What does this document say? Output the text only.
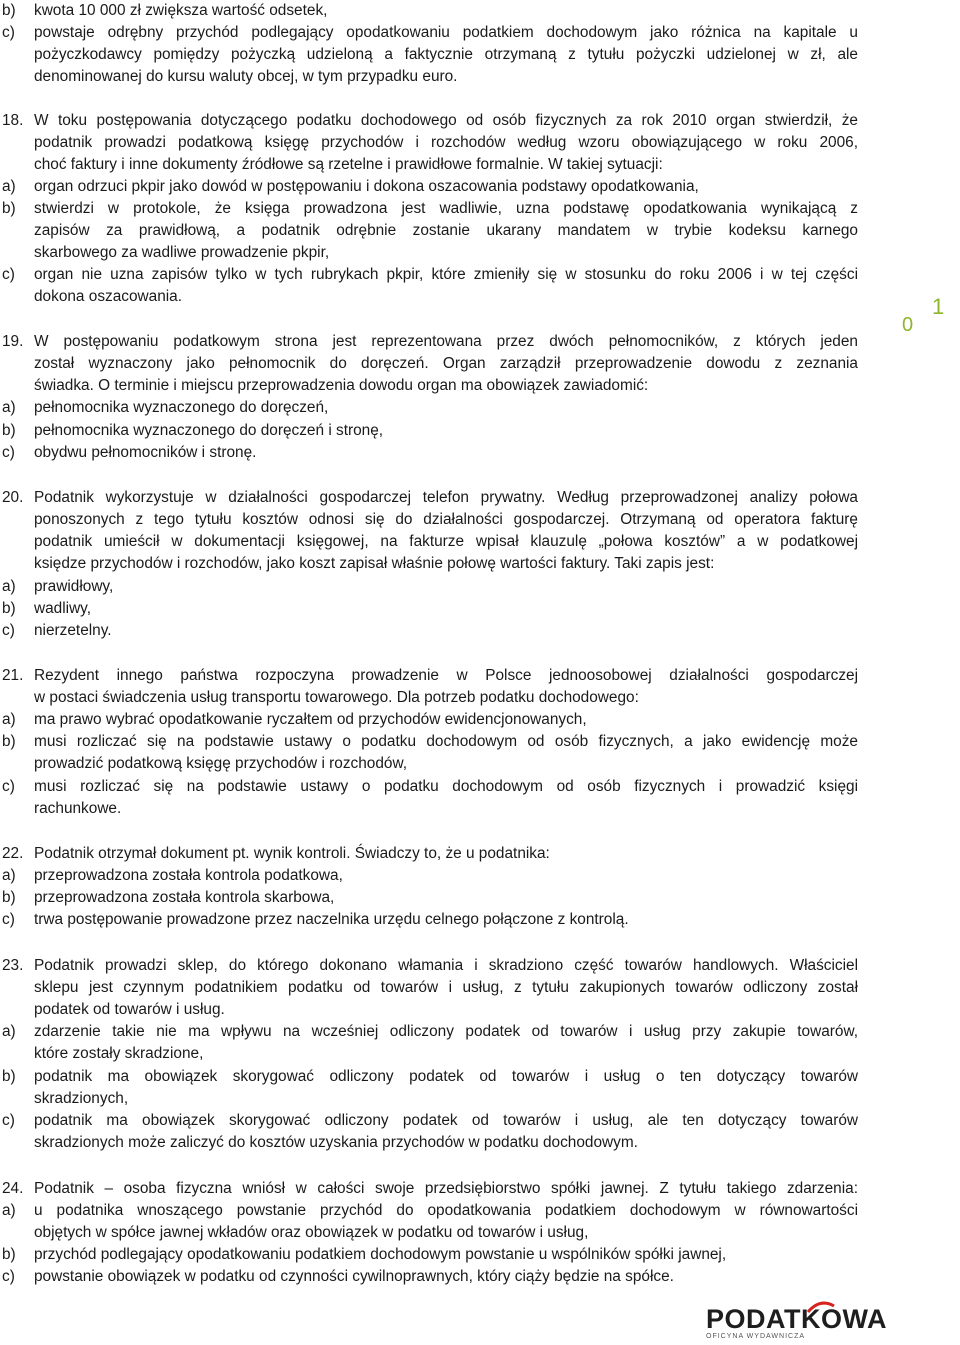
b) kwota 10 000 zł zwiększa wartość odsetek,
c) powstaje odrębny przychód podlegający opodatkowaniu podatkiem dochodowym jako różnica na kapitale u
pożyczkodawcy pomiędzy pożyczką udzieloną a faktycznie otrzymaną z tytułu pożyczki udzielonej w zł, ale
denominowanej do kursu waluty obcej, w tym przypadku euro.
18. W toku postępowania dotyczącego podatku dochodowego od osób fizycznych za rok 2010 organ stwierdził, że
podatnik prowadzi podatkową księgę przychodów i rozchodów według wzoru obowiązującego w roku 2006,
choć faktury i inne dokumenty źródłowe są rzetelne i prawidłowe formalnie. W takiej sytuacji:
a) organ odrzuci pkpir jako dowód w postępowaniu i dokona oszacowania podstawy opodatkowania,
b) stwierdzi w protokole, że księga prowadzona jest wadliwie, uzna podstawę opodatkowania wynikającą z
zapisów za prawidłową, a podatnik odrębnie zostanie ukarany mandatem w trybie kodeksu karnego
skarbowego za wadliwe prowadzenie pkpir,
c) organ nie uzna zapisów tylko w tych rubrykach pkpir, które zmieniły się w stosunku do roku 2006 i w tej części
dokona oszacowania.
19. W postępowaniu podatkowym strona jest reprezentowana przez dwóch pełnomocników, z których jeden
został wyznaczony jako pełnomocnik do doręczeń. Organ zarządził przeprowadzenie dowodu z zeznania
świadka. O terminie i miejscu przeprowadzenia dowodu organ ma obowiązek zawiadomić:
a) pełnomocnika wyznaczonego do doręczeń,
b) pełnomocnika wyznaczonego do doręczeń i stronę,
c) obydwu pełnomocników i stronę.
20. Podatnik wykorzystuje w działalności gospodarczej telefon prywatny. Według przeprowadzonej analizy połowa
ponoszonych z tego tytułu kosztów odnosi się do działalności gospodarczej. Otrzymaną od operatora fakturę
podatnik umieścił w dokumentacji księgowej, na fakturze wpisał klauzulę „połowa kosztów” a w podatkowej
księdze przychodów i rozchodów, jako koszt zapisał właśnie połowę wartości faktury. Taki zapis jest:
a) prawidłowy,
b) wadliwy,
c) nierzetelny.
21. Rezydent innego państwa rozpoczyna prowadzenie w Polsce jednoosobowej działalności gospodarczej
w postaci świadczenia usług transportu towarowego. Dla potrzeb podatku dochodowego:
a) ma prawo wybrać opodatkowanie ryczałtem od przychodów ewidencjonowanych,
b) musi rozliczać się na podstawie ustawy o podatku dochodowym od osób fizycznych, a jako ewidencję może
prowadzić podatkową księgę przychodów i rozchodów,
c) musi rozliczać się na podstawie ustawy o podatku dochodowym od osób fizycznych i prowadzić księgi
rachunkowe.
22. Podatnik otrzymał dokument pt. wynik kontroli. Świadczy to, że u podatnika:
a) przeprowadzona została kontrola podatkowa,
b) przeprowadzona została kontrola skarbowa,
c) trwa postępowanie prowadzone przez naczelnika urzędu celnego połączone z kontrolą.
23. Podatnik prowadzi sklep, do którego dokonano włamania i skradziono część towarów handlowych. Właściciel
sklepu jest czynnym podatnikiem podatku od towarów i usług, z tytułu zakupionych towarów odliczony został
podatek od towarów i usług.
a) zdarzenie takie nie ma wpływu na wcześniej odliczony podatek od towarów i usług przy zakupie towarów,
które zostały skradzione,
b) podatnik ma obowiązek skorygować odliczony podatek od towarów i usług o ten dotyczący towarów
skradzionych,
c) podatnik ma obowiązek skorygować odliczony podatek od towarów i usług, ale ten dotyczący towarów
skradzionych może zaliczyć do kosztów uzyskania przychodów w podatku dochodowym.
24. Podatnik – osoba fizyczna wniósł w całości swoje przedsiębiorstwo spółki jawnej. Z tytułu takiego zdarzenia:
a) u podatnika wnoszącego powstanie przychód do opodatkowania podatkiem dochodowym w równowartości
objętych w spółce jawnej wkładów oraz obowiązek w podatku od towarów i usług,
b) przychód podlegający opodatkowaniu podatkiem dochodowym powstanie u wspólników spółki jawnej,
c) powstanie obowiązek w podatku od czynności cywilnoprawnych, który ciąży będzie na spółce.
1
0
PODATKOWA
OFICYNA WYDAWNICZA
